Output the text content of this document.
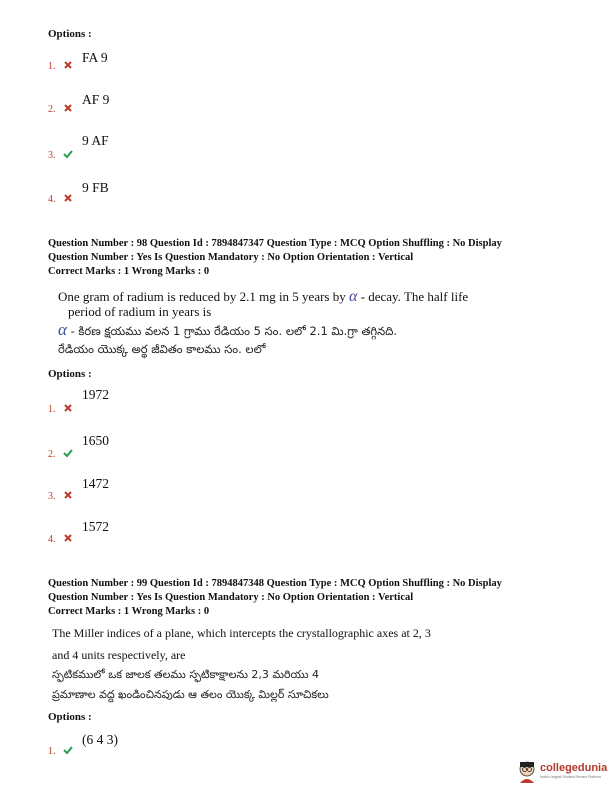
Options :
1.
FA 9
2.
AF 9
3.
9 AF
4.
9 FB
Question Number : 98 Question Id : 7894847347 Question Type : MCQ Option Shuffling : No Display
Question Number : Yes Is Question Mandatory : No Option Orientation : Vertical
Correct Marks : 1 Wrong Marks : 0
One gram of radium is reduced by 2.1 mg in 5 years by α - decay. The half life
period of radium in years is
α - కిరణ క్షయము వలన 1 గ్రాము రేడియం 5 సం. లలో 2.1 మి.గ్రా తగ్గినది.
రేడియం యొక్క అర్థ జీవితం కాలము సం. లలో
Options :
1.
1972
2.
1650
3.
1472
4.
1572
Question Number : 99 Question Id : 7894847348 Question Type : MCQ Option Shuffling : No Display
Question Number : Yes Is Question Mandatory : No Option Orientation : Vertical
Correct Marks : 1 Wrong Marks : 0
The Miller indices of a plane, which intercepts the crystallographic axes at 2, 3
and 4 units respectively, are
స్ఫటికములో ఒక జాలక తలము స్ఫటికాక్షాలను 2,3 మరియు 4
ప్రమాణాల వద్ద ఖండించినపుడు ఆ తలం యొక్క మిల్లర్ సూచికలు
Options :
1.
(6 4 3)
collegedunia
India's largest Student Review Platform
